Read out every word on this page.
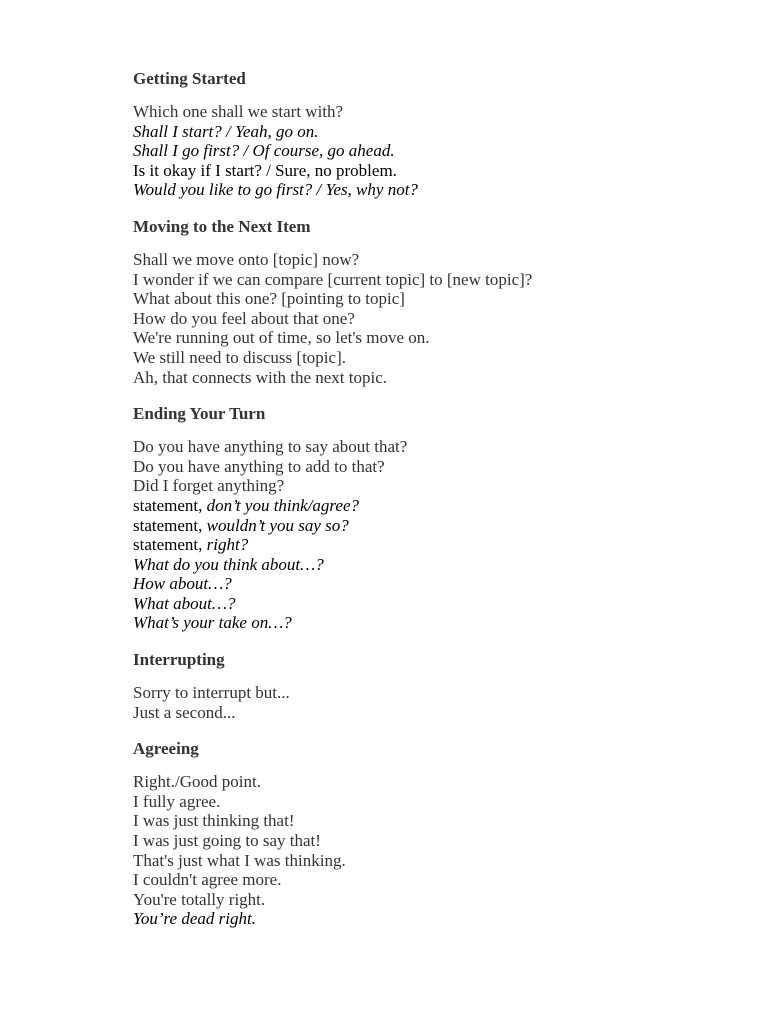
Getting Started
Which one shall we start with?
Shall I start? / Yeah, go on.
Shall I go first? / Of course, go ahead.
Is it okay if I start? / Sure, no problem.
Would you like to go first? / Yes, why not?
Moving to the Next Item
Shall we move onto [topic] now?
I wonder if we can compare [current topic] to [new topic]?
What about this one? [pointing to topic]
How do you feel about that one?
We're running out of time, so let's move on.
We still need to discuss [topic].
Ah, that connects with the next topic.
Ending Your Turn
Do you have anything to say about that?
Do you have anything to add to that?
Did I forget anything?
statement, don’t you think/agree?
statement, wouldn’t you say so?
statement, right?
What do you think about…?
How about…?
What about…?
What’s your take on…?
Interrupting
Sorry to interrupt but...
Just a second...
Agreeing
Right./Good point.
I fully agree.
I was just thinking that!
I was just going to say that!
That's just what I was thinking.
I couldn't agree more.
You're totally right.
You’re dead right.
